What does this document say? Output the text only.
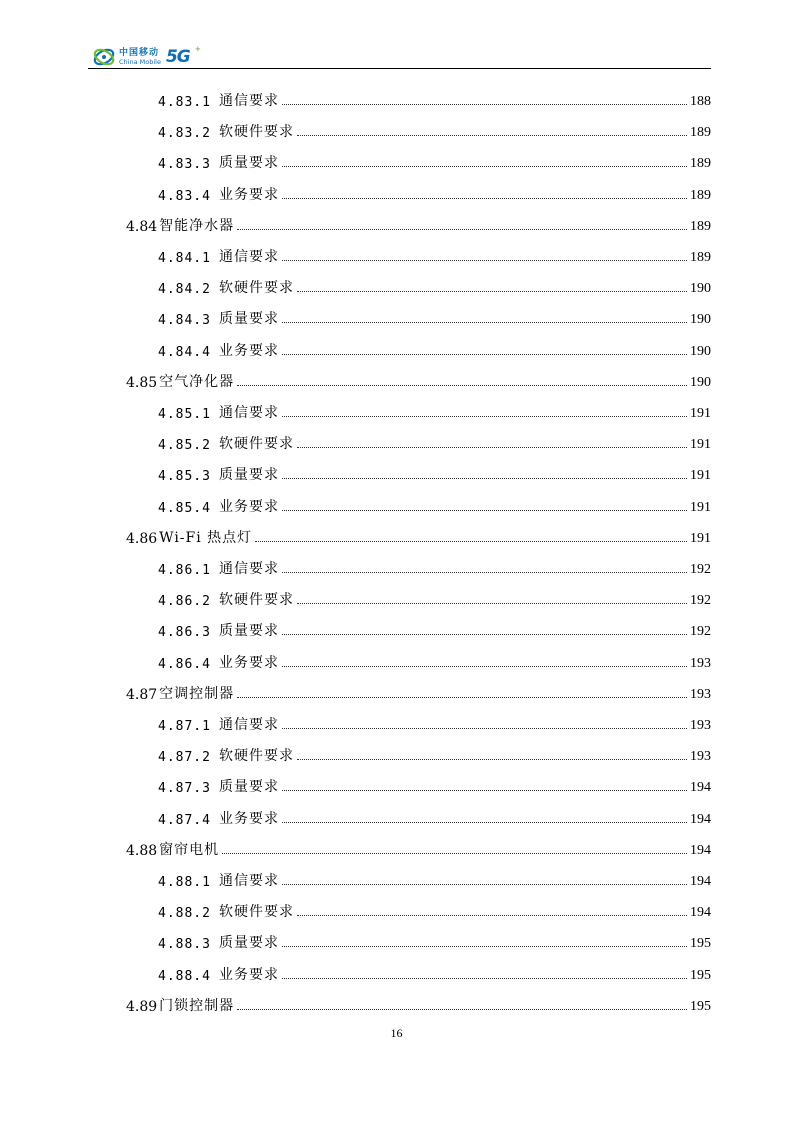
中国移动
China Mobile 5G +
4.83.1 通信要求	188
4.83.2 软硬件要求	189
4.83.3 质量要求	189
4.83.4 业务要求	189
4.84 智能净水器	189
4.84.1 通信要求	189
4.84.2 软硬件要求	190
4.84.3 质量要求	190
4.84.4 业务要求	190
4.85 空气净化器	190
4.85.1 通信要求	191
4.85.2 软硬件要求	191
4.85.3 质量要求	191
4.85.4 业务要求	191
4.86 Wi-Fi 热点灯	191
4.86.1 通信要求	192
4.86.2 软硬件要求	192
4.86.3 质量要求	192
4.86.4 业务要求	193
4.87 空调控制器	193
4.87.1 通信要求	193
4.87.2 软硬件要求	193
4.87.3 质量要求	194
4.87.4 业务要求	194
4.88 窗帘电机	194
4.88.1 通信要求	194
4.88.2 软硬件要求	194
4.88.3 质量要求	195
4.88.4 业务要求	195
4.89 门锁控制器	195
16
